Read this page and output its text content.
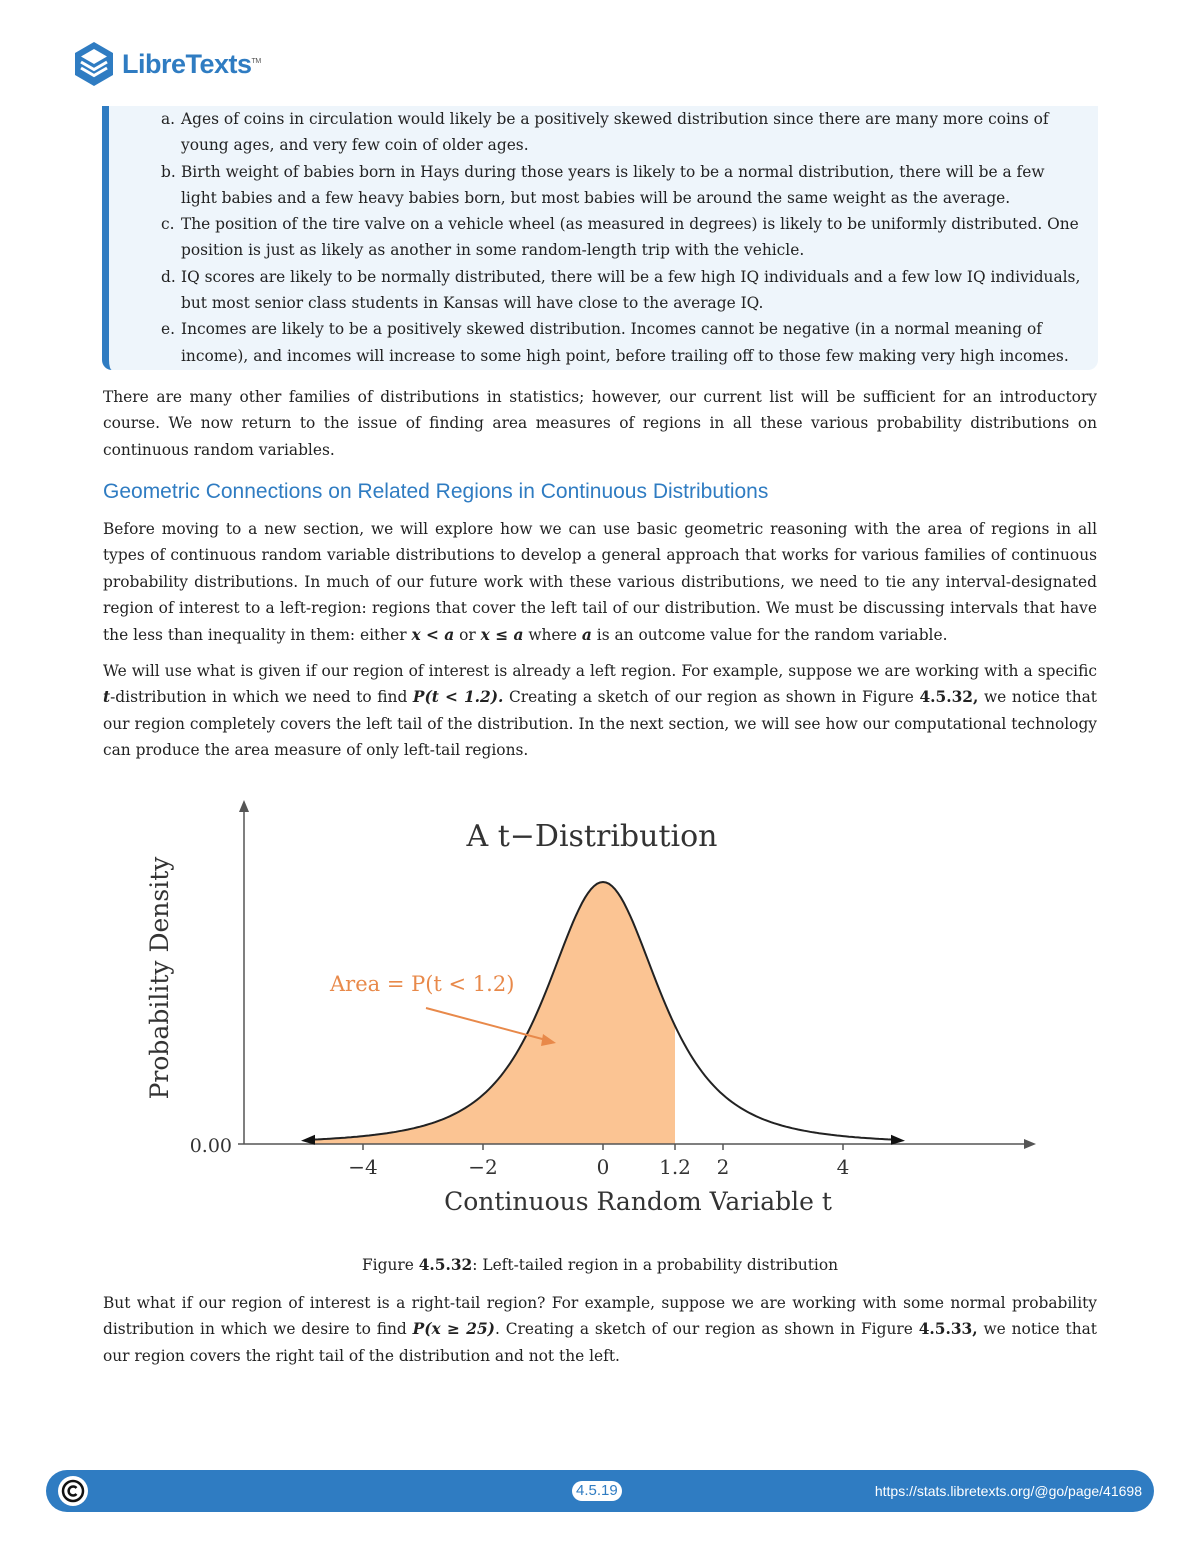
LibreTexts™
a. Ages of coins in circulation would likely be a positively skewed distribution since there are many more coins of young ages, and very few coin of older ages.
b. Birth weight of babies born in Hays during those years is likely to be a normal distribution, there will be a few light babies and a few heavy babies born, but most babies will be around the same weight as the average.
c. The position of the tire valve on a vehicle wheel (as measured in degrees) is likely to be uniformly distributed. One position is just as likely as another in some random-length trip with the vehicle.
d. IQ scores are likely to be normally distributed, there will be a few high IQ individuals and a few low IQ individuals, but most senior class students in Kansas will have close to the average IQ.
e. Incomes are likely to be a positively skewed distribution. Incomes cannot be negative (in a normal meaning of income), and incomes will increase to some high point, before trailing off to those few making very high incomes.

There are many other families of distributions in statistics; however, our current list will be sufficient for an introductory course. We now return to the issue of finding area measures of regions in all these various probability distributions on continuous random variables.

Geometric Connections on Related Regions in Continuous Distributions

Before moving to a new section, we will explore how we can use basic geometric reasoning with the area of regions in all types of continuous random variable distributions to develop a general approach that works for various families of continuous probability distributions. In much of our future work with these various distributions, we need to tie any interval-designated region of interest to a left-region: regions that cover the left tail of our distribution. We must be discussing intervals that have the less than inequality in them: either x < a or x ≤ a where a is an outcome value for the random variable.

We will use what is given if our region of interest is already a left region. For example, suppose we are working with a specific t-distribution in which we need to find P(t < 1.2). Creating a sketch of our region as shown in Figure 4.5.32, we notice that our region completely covers the left tail of the distribution. In the next section, we will see how our computational technology can produce the area measure of only left-tail regions.

−4	−2	0 1.2 2	4
A t−Distribution
0.00
Probability Density
Continuous Random Variable t
Area = P(t < 1.2)
Figure 4.5.32: Left-tailed region in a probability distribution

But what if our region of interest is a right-tail region? For example, suppose we are working with some normal probability distribution in which we desire to find P(x ≥ 25). Creating a sketch of our region as shown in Figure 4.5.33, we notice that our region covers the right tail of the distribution and not the left.

4.5.19	https://stats.libretexts.org/@go/page/41698
